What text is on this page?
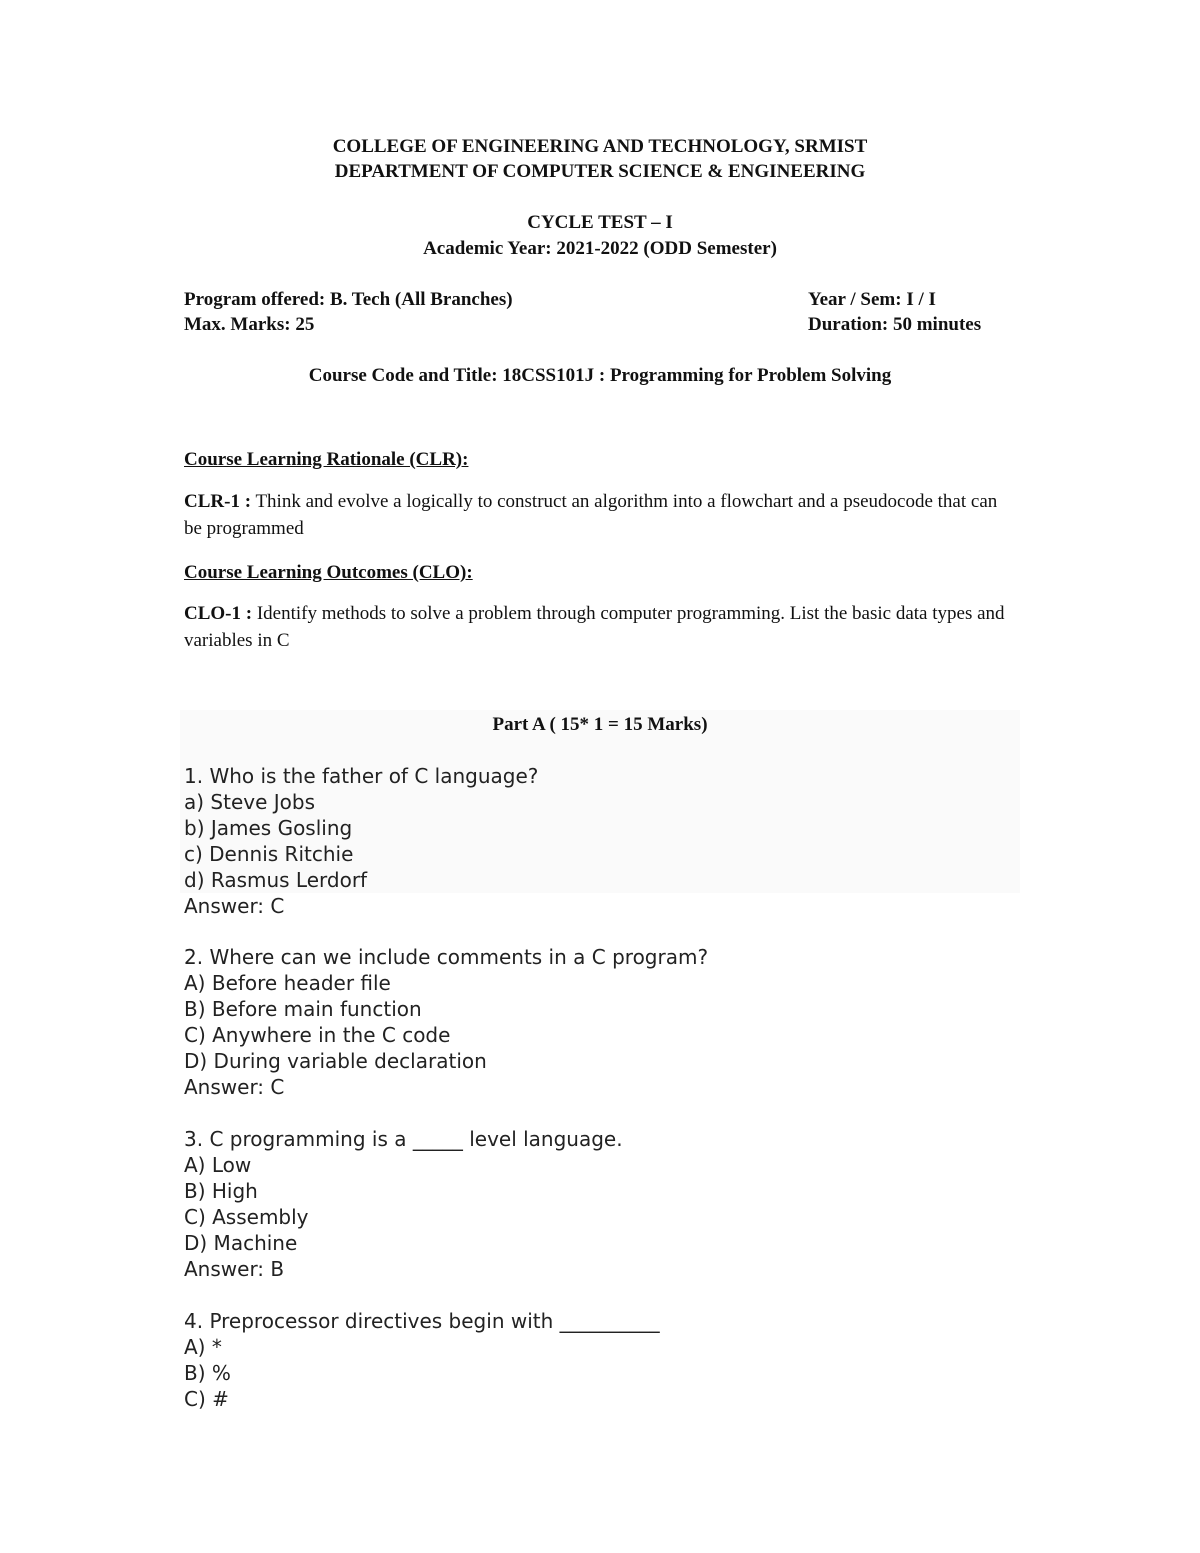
COLLEGE OF ENGINEERING AND TECHNOLOGY, SRMIST
DEPARTMENT OF COMPUTER SCIENCE & ENGINEERING
CYCLE TEST – I
Academic Year: 2021-2022 (ODD Semester)
Program offered: B. Tech (All Branches)
Max. Marks: 25
Year / Sem: I / I
Duration: 50 minutes
Course Code and Title: 18CSS101J : Programming for Problem Solving
Course Learning Rationale (CLR):

CLR-1 : Think and evolve a logically to construct an algorithm into a flowchart and a pseudocode that can be programmed

Course Learning Outcomes (CLO):

CLO-1 : Identify methods to solve a problem through computer programming. List the basic data types and variables in C

Part A ( 15* 1 = 15 Marks)
1. Who is the father of C language?
a) Steve Jobs
b) James Gosling
c) Dennis Ritchie
d) Rasmus Lerdorf
Answer: C
2. Where can we include comments in a C program?
A) Before header file
B) Before main function
C) Anywhere in the C code
D) During variable declaration
Answer: C
3. C programming is a _____ level language.
A) Low
B) High
C) Assembly
D) Machine
Answer: B
4. Preprocessor directives begin with __________
A) *
B) %
C) #
